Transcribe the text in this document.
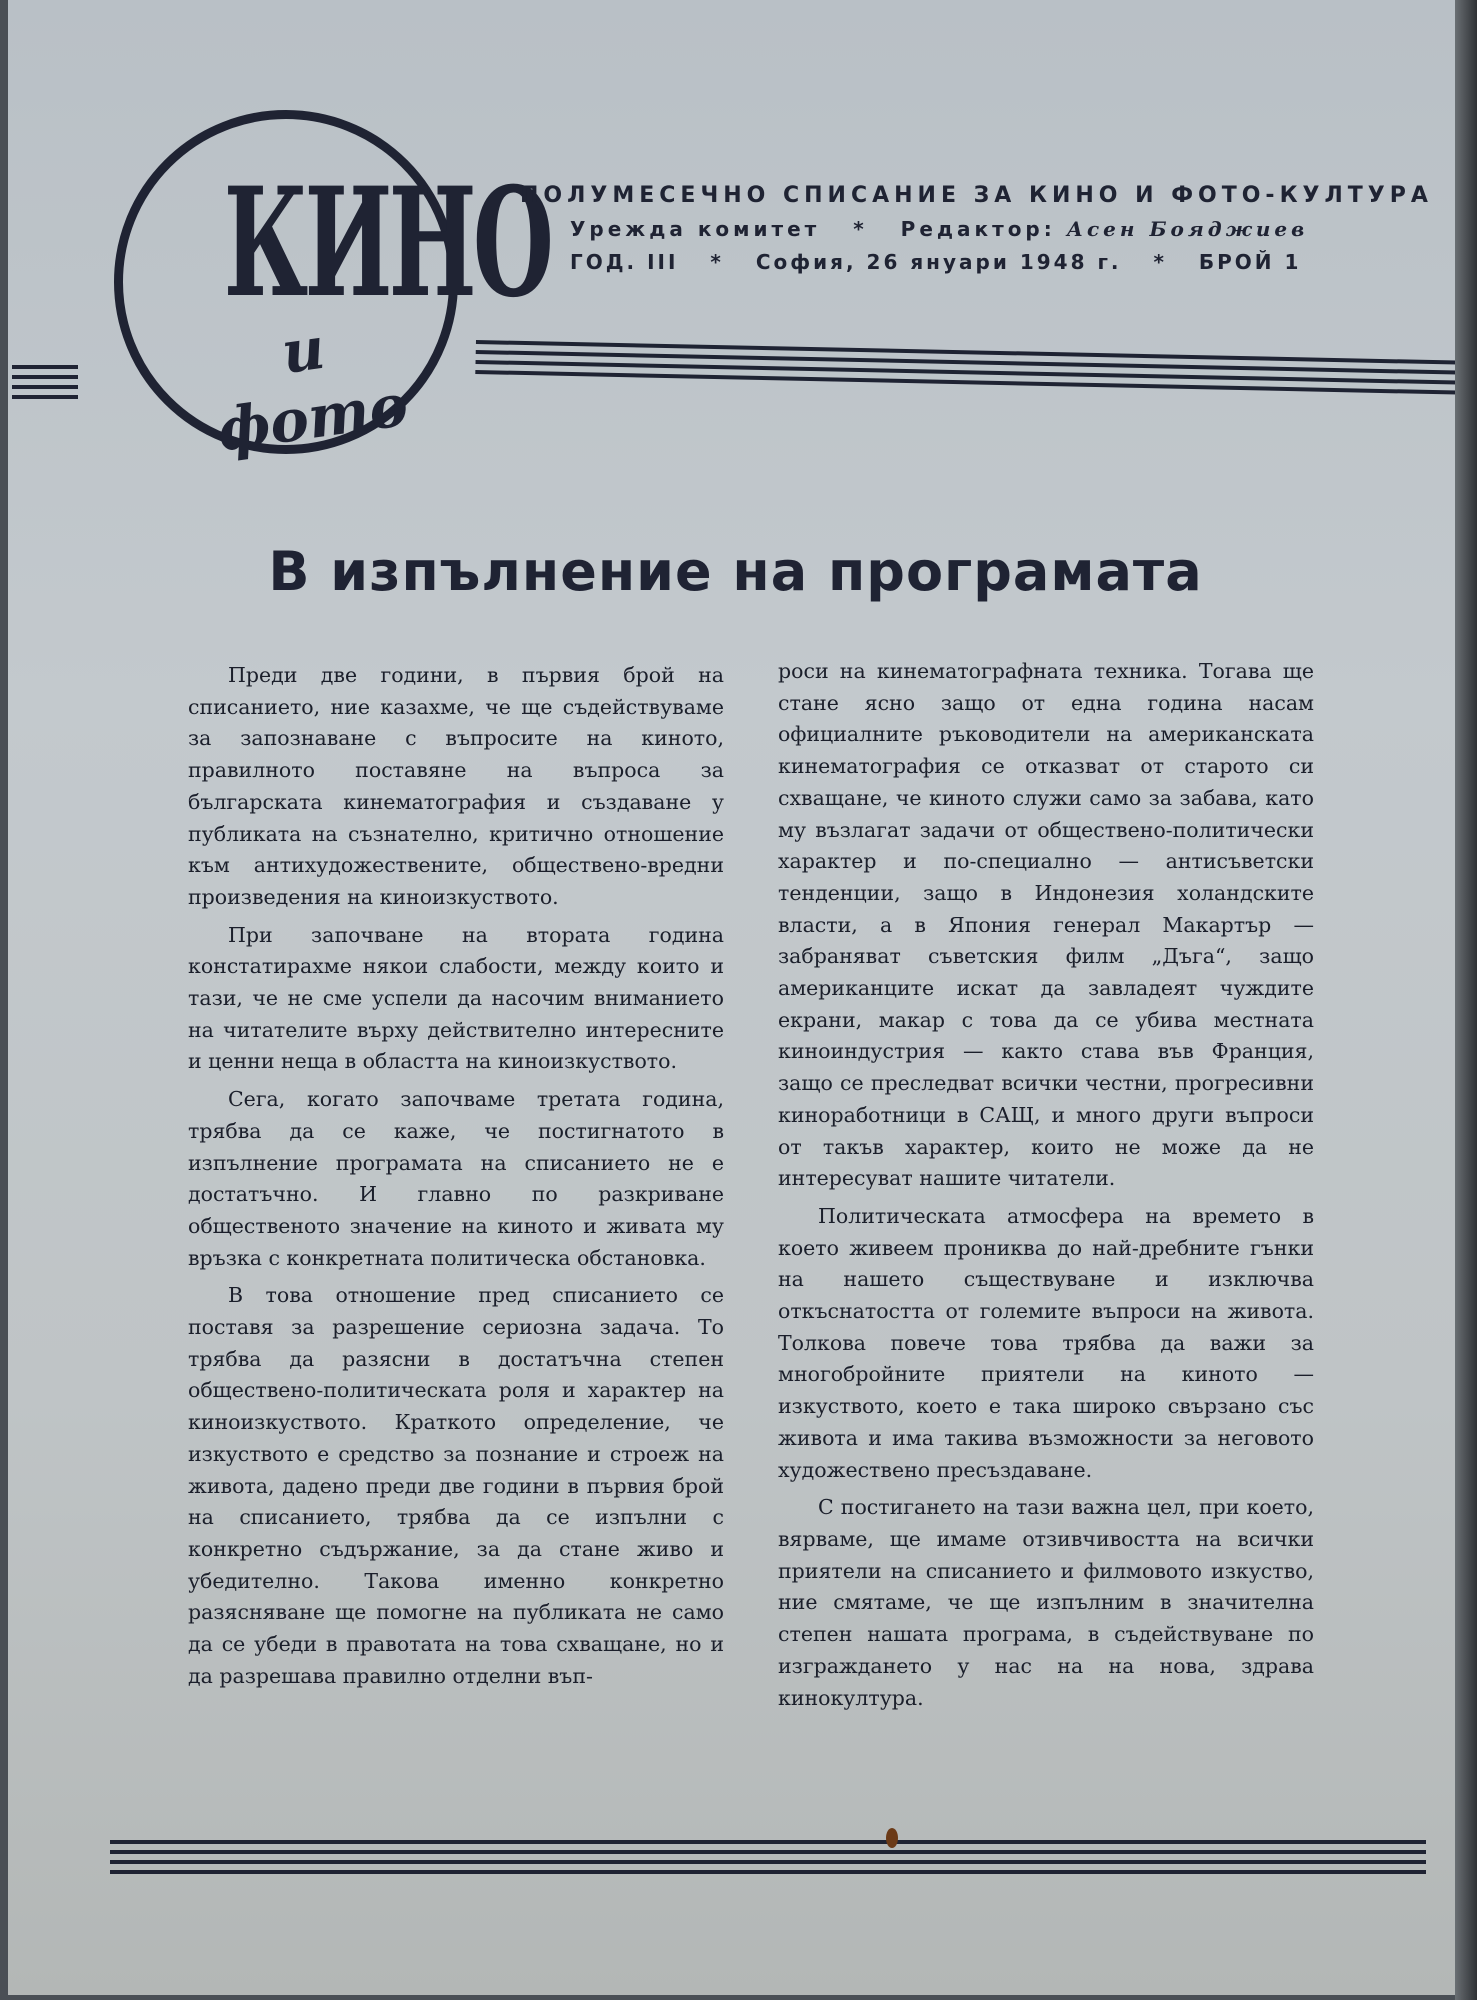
КИНО
и фото
ПОЛУМЕСЕЧНО СПИСАНИЕ ЗА КИНО И ФОТО-КУЛТУРА
Урежда комитет * Редактор: Асен Бояджиев
ГОД. III * София, 26 януари 1948 г. * БРОЙ 1
В изпълнение на програмата

Преди две години, в първия брой на списанието, ние казахме, че ще съдействуваме за запознаване с въпросите на киното, правилното поставяне на въпроса за българската кинематография и създаване у публиката на съзнателно, критично отношение към антихудожествените, обществено-вредни произведения на киноизкуството.

При започване на втората година констатирахме някои слабости, между които и тази, че не сме успели да насочим вниманието на читателите върху действително интересните и ценни неща в областта на киноизкуството.

Сега, когато започваме третата година, трябва да се каже, че постигнатото в изпълнение програмата на списанието не е достатъчно. И главно по разкриване общественото значение на киното и живата му връзка с конкретната политическа обстановка.

В това отношение пред списанието се поставя за разрешение сериозна задача. То трябва да разясни в достатъчна степен обществено-политическата роля и характер на киноизкуството. Краткото определение, че изкуството е средство за познание и строеж на живота, дадено преди две години в първия брой на списанието, трябва да се изпълни с конкретно съдържание, за да стане живо и убедително. Такова именно конкретно разясняване ще помогне на публиката не само да се убеди в правотата на това схващане, но и да разрешава правилно отделни въп-

роси на кинематографната техника. Тогава ще стане ясно защо от една година насам официалните ръководители на американската кинематография се отказват от старото си схващане, че киното служи само за забава, като му възлагат задачи от обществено-политически характер и по-специално — антисъветски тенденции, защо в Индонезия холандските власти, а в Япония генерал Макартър — забраняват съветския филм „Дъга“, защо американците искат да завладеят чуждите екрани, макар с това да се убива местната киноиндустрия — както става във Франция, защо се преследват всички честни, прогресивни киноработници в САЩ, и много други въпроси от такъв характер, които не може да не интересуват нашите читатели.

Политическата атмосфера на времето в което живеем прониква до най-дребните гънки на нашето съществуване и изключва откъснатостта от големите въпроси на живота. Толкова повече това трябва да важи за многобройните приятели на киното — изкуството, което е така широко свързано със живота и има такива възможности за неговото художествено пресъздаване.

С постигането на тази важна цел, при което, вярваме, ще имаме отзивчивостта на всички приятели на списанието и филмовото изкуство, ние смятаме, че ще изпълним в значителна степен нашата програма, в съдействуване по изграждането у нас на на нова, здрава кинокултура.
